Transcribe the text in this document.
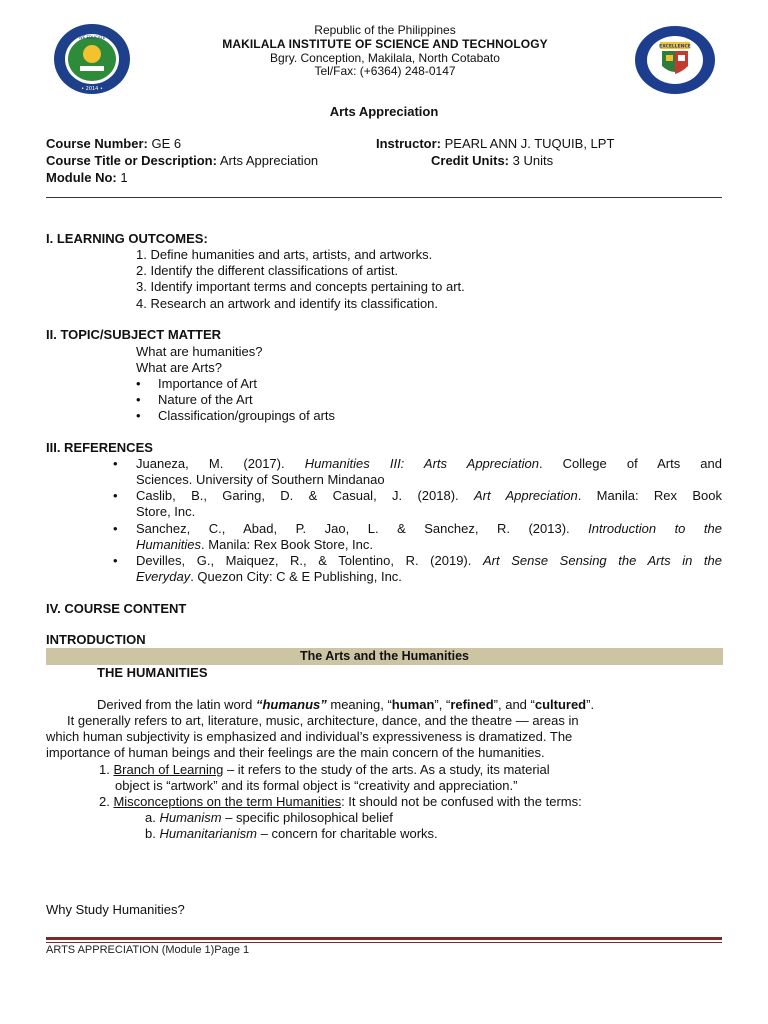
WE EDUCATE
• 2014 •
EXCELLENCE
Republic of the Philippines
MAKILALA INSTITUTE OF SCIENCE AND TECHNOLOGY
Bgry. Conception, Makilala, North Cotabato
Tel/Fax: (+6364) 248-0147
Arts Appreciation
Course Number: GE 6	Instructor: PEARL ANN J. TUQUIB, LPT
Course Title or Description: Arts Appreciation	Credit Units: 3 Units
Module No: 1
I. LEARNING OUTCOMES:
1. Define humanities and arts, artists, and artworks.
2. Identify the different classifications of artist.
3. Identify important terms and concepts pertaining to art.
4. Research an artwork and identify its classification.
II. TOPIC/SUBJECT MATTER
What are humanities?
What are Arts?
• Importance of Art
• Nature of the Art
• Classification/groupings of arts
III. REFERENCES
• Juaneza, M. (2017). Humanities III: Arts Appreciation. College of Arts and
Sciences. University of Southern Mindanao
• Caslib, B., Garing, D. & Casual, J. (2018). Art Appreciation. Manila: Rex Book
Store, Inc.
• Sanchez, C., Abad, P. Jao, L. & Sanchez, R. (2013). Introduction to the
Humanities. Manila: Rex Book Store, Inc.
• Devilles, G., Maiquez, R., & Tolentino, R. (2019). Art Sense Sensing the Arts in the
Everyday. Quezon City: C & E Publishing, Inc.
IV. COURSE CONTENT
INTRODUCTION
The Arts and the Humanities
THE HUMANITIES
Derived from the latin word “humanus” meaning, “human”, “refined”, and “cultured”.
It generally refers to art, literature, music, architecture, dance, and the theatre — areas in
which human subjectivity is emphasized and individual’s expressiveness is dramatized. The
importance of human beings and their feelings are the main concern of the humanities.
1. Branch of Learning – it refers to the study of the arts. As a study, its material
object is “artwork” and its formal object is “creativity and appreciation.”
2. Misconceptions on the term Humanities: It should not be confused with the terms:
a. Humanism – specific philosophical belief
b. Humanitarianism – concern for charitable works.
Why Study Humanities?
ARTS APPRECIATION (Module 1)Page 1
